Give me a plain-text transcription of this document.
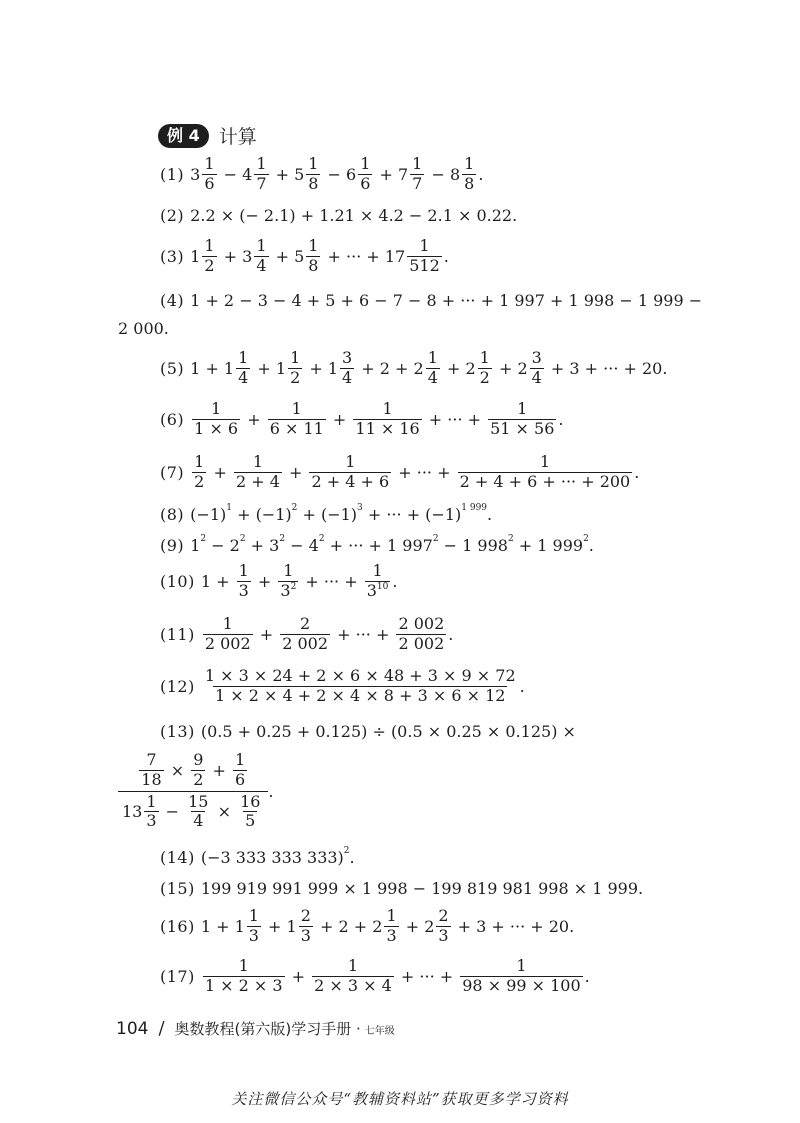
例 4	计算
(1) 3
1
6 − 4
1
7 + 5
1
8 − 6
1
6 + 7
1
7 − 8
1
8 .
(2) 2.2 × (− 2.1) + 1.21 × 4.2 − 2.1 × 0.22.
(3) 1
1
2 + 3
1
4 + 5
1
8 + ··· + 17
1
512 .
(4) 1 + 2 − 3 − 4 + 5 + 6 − 7 − 8 + ··· + 1 997 + 1 998 − 1 999 −
2 000.
(5) 1 + 1
1
4 + 1
1
2 + 1
3
4 + 2 + 2
1
4 + 2
1
2 + 2
3
4 + 3 + ··· + 20.
(6)
1
$1 \times 6 + \frac{1}{6 \times 11} + \frac{1}{11 \times 16}$ + ··· + $\frac{1}{51 \times 56}$ .
(7)
1
$2 + \frac{1}{2 + 4} + \frac{1}{2 + 4 + 6}$ + ··· + $\frac{1}{2 + 4 + 6 + \cdot\cdot\cdot + 200}$ .
(8) (−1) 1 + (−1) 2 + (−1) 3 + ··· + (−1) 1 999 .
(9) 1 2 − 2 2 + 3 2 − 4 2 + ··· + 1 997 2 − 1 998 2 + 1 999 2 .
(10) $1 + \frac{1}{3} + \frac{1}{3^2}$ + ··· + $\frac{1}{3^{10}}$ .
(11)
1
2 $002 + \frac{2}{2 002}$ + ··· + $\frac{2 002}{2 002}$ .
(12)
1 × 3 × 24 + 2 × 6 × 48 + 3 × 9 × 72
1 × 2 × 4 + 2 × 4 × 8 + 3 × 6 × 12 .
(13) (0.5 + 0.25 + 0.125) ÷ (0.5 × 0.25 × 0.125) ×
$\frac{7}{18} \times \frac{9}{2} + \frac{1}{6}$
13
1
$3 - \frac{15}{4} \times \frac{16}{5}$
.
(14) (−3 333 333 333) 2 .
(15) 199 919 991 999 × 1 998 − 199 819 981 998 × 1 999.
(16) 1 + 1
1
3 + 1
2
3 + 2 + 2
1
3 + 2
2
3 + 3 + ··· + 20.
(17)
1
$1 \times 2 \times 3 + \frac{1}{2 \times 3 \times 4}$ + ··· + $\frac{1}{98 \times 99 \times 100}$ .
104 / 奥数教程(第六版)学习手册 · 七年级
关注微信公众号“教辅资料站”获取更多学习资料
